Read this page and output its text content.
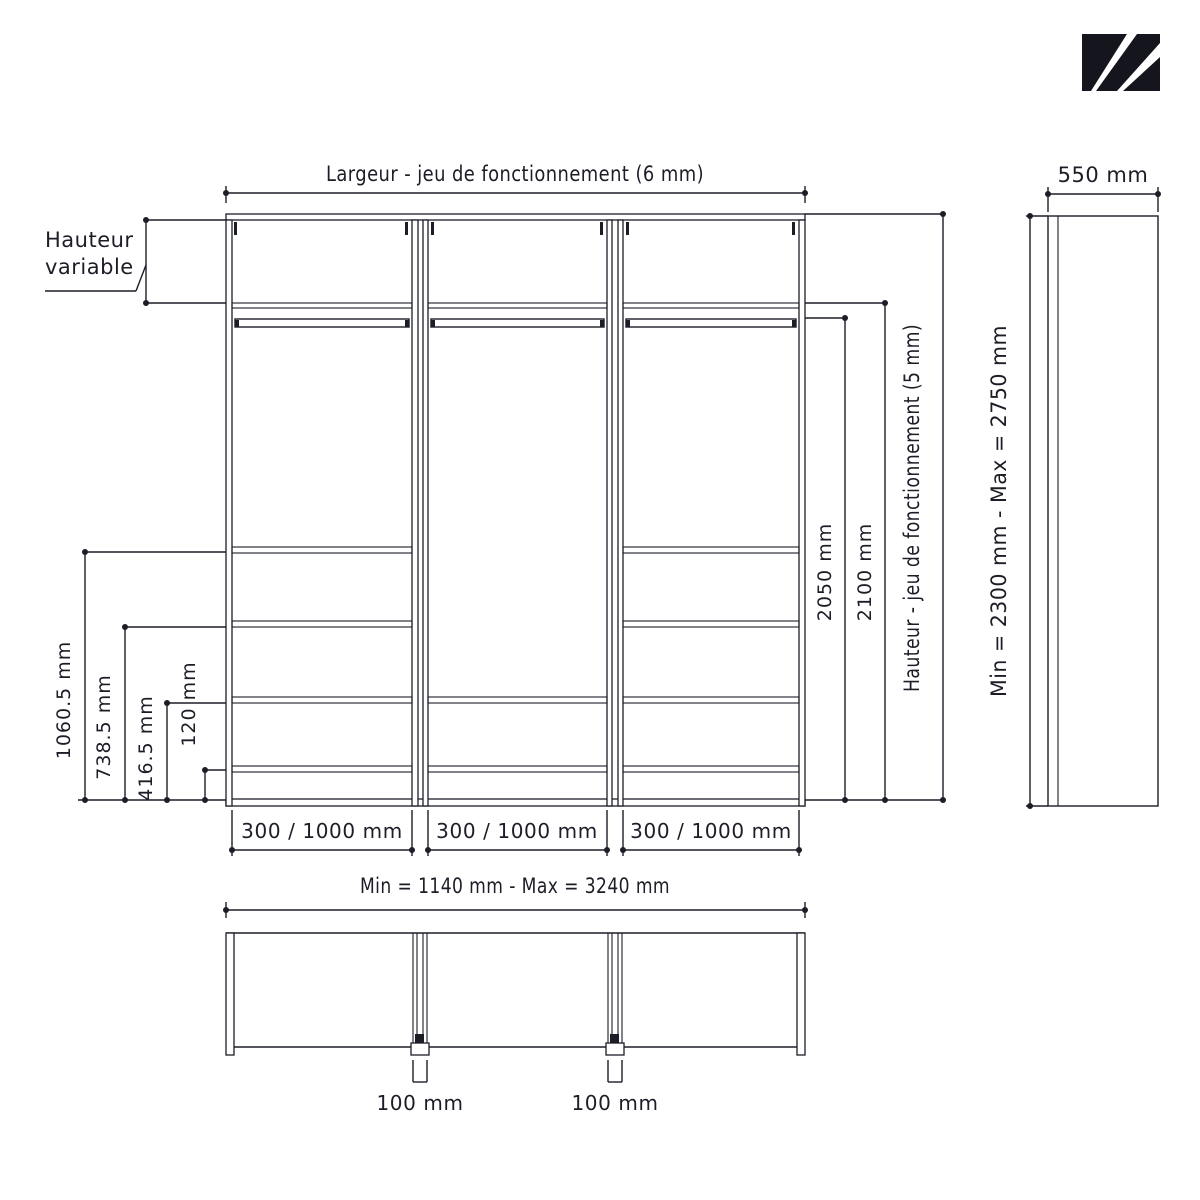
Largeur - jeu de fonctionnement (6 mm)
Hauteur
variable
1060.5 mm 738.5 mm 416.5 mm 120 mm
2050 mm 2100 mm Hauteur - jeu de fonctionnement (5 mm)
300 / 1000 mm 300 / 1000 mm 300 / 1000 mm
Min = 1140 mm - Max = 3240 mm
100 mm	100 mm
550 mm
Min = 2300 mm - Max = 2750 mm
